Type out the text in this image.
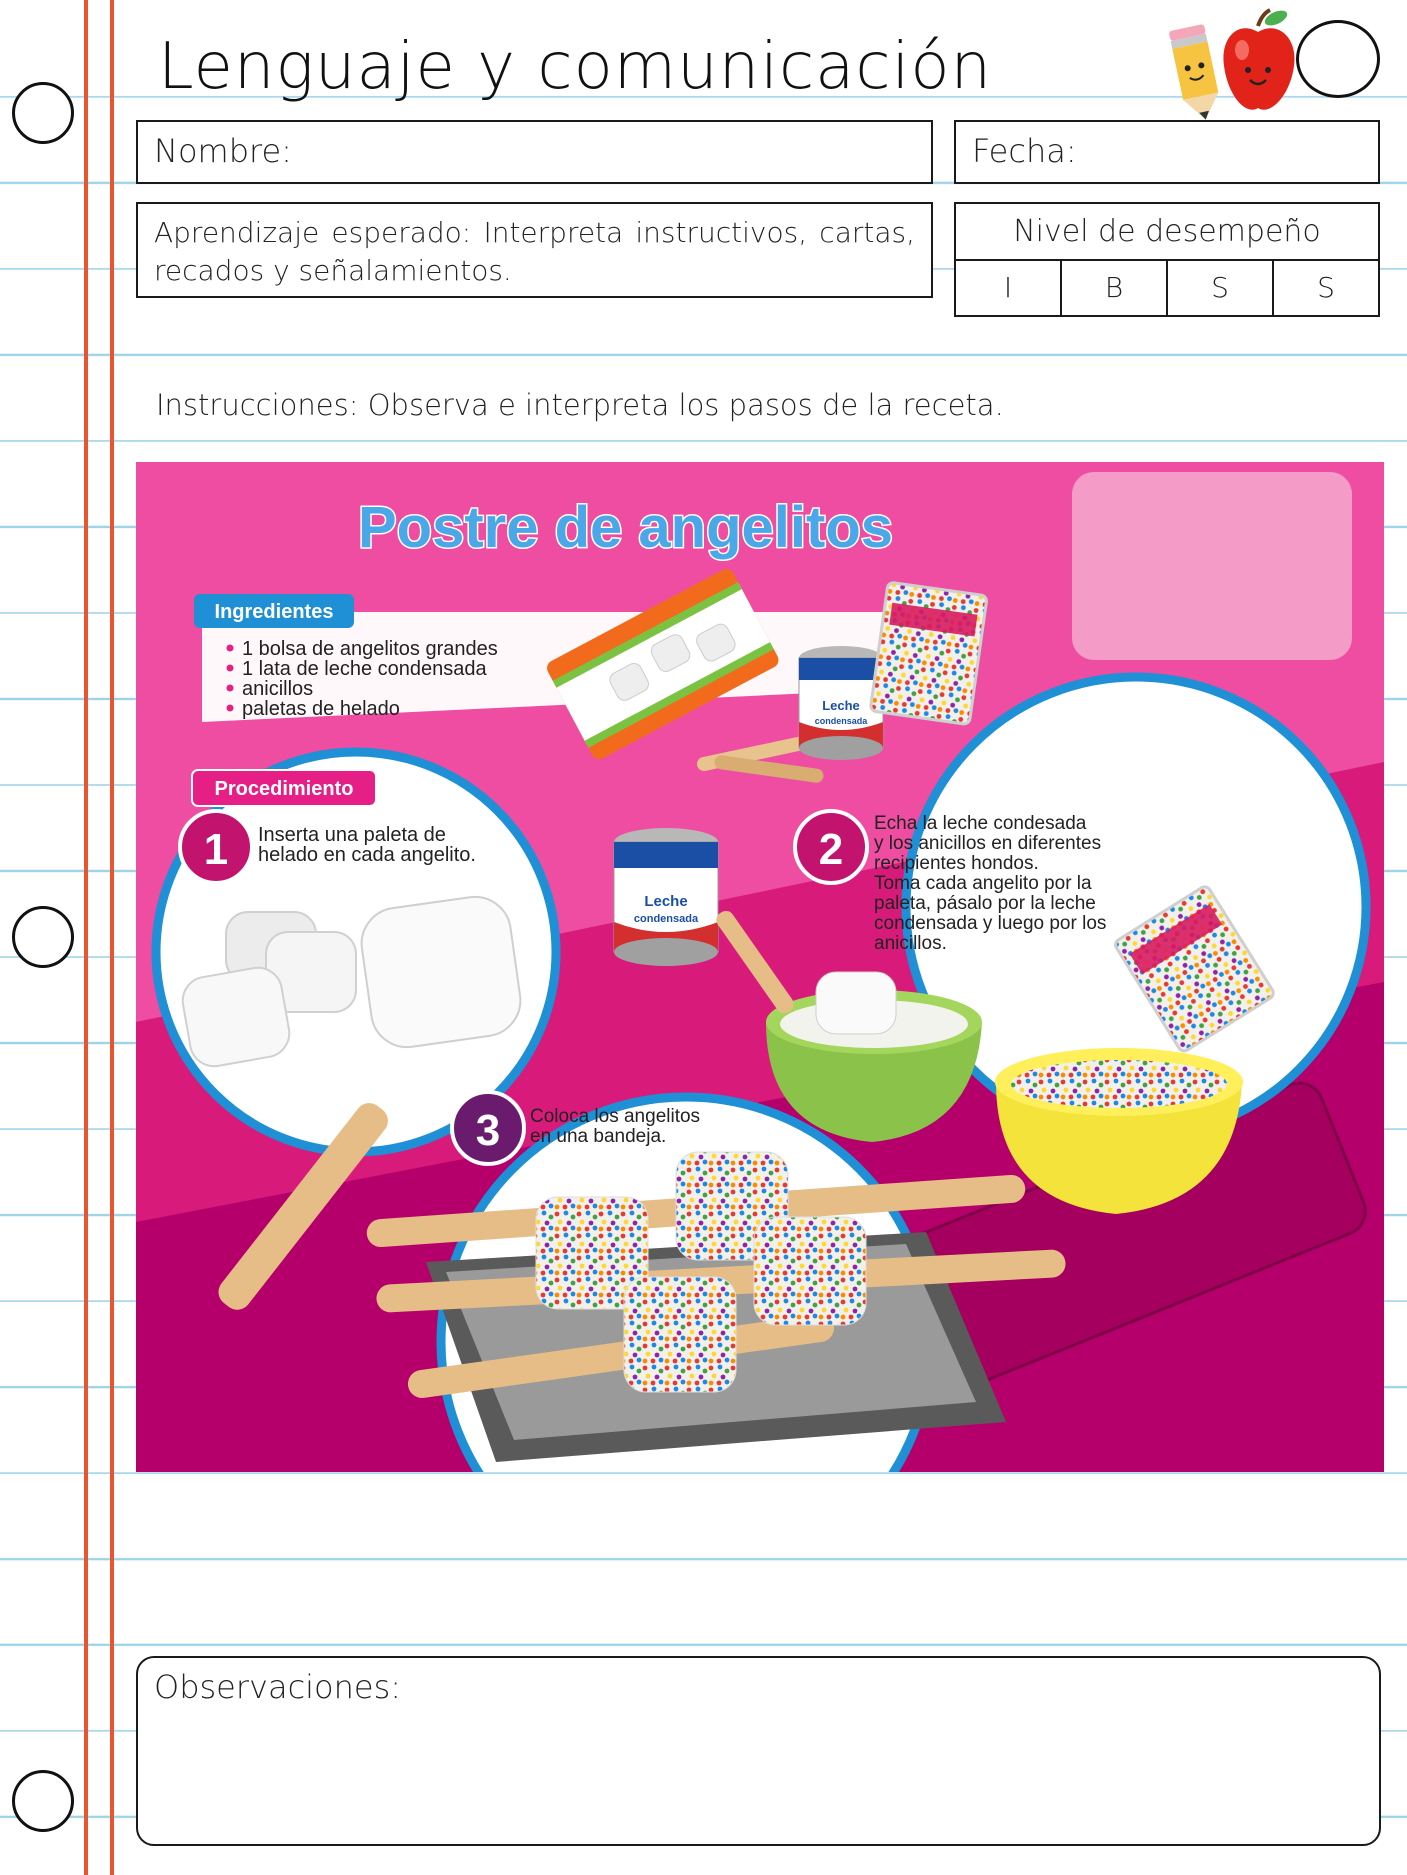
Lenguaje y comunicación
Nombre:	Fecha:
Aprendizaje esperado: Interpreta instructivos, cartas, recados y señalamientos.
Nivel de desempeño
I	B	S	S
Instrucciones: Observa e interpreta los pasos de la receta.
Leche
condensada
Leche
condensada
Postre de angelitos
Ingredientes
1 bolsa de angelitos grandes
1 lata de leche condensada
anicillos
paletas de helado
Procedimiento
1 Inserta una paleta de
helado en cada angelito.	2
Echa la leche condesada
y los anicillos en diferentes
recipientes hondos.
Toma cada angelito por la
paleta, pásalo por la leche
condensada y luego por los
anicillos.
3 Coloca los angelitos
en una bandeja.
Observaciones:
